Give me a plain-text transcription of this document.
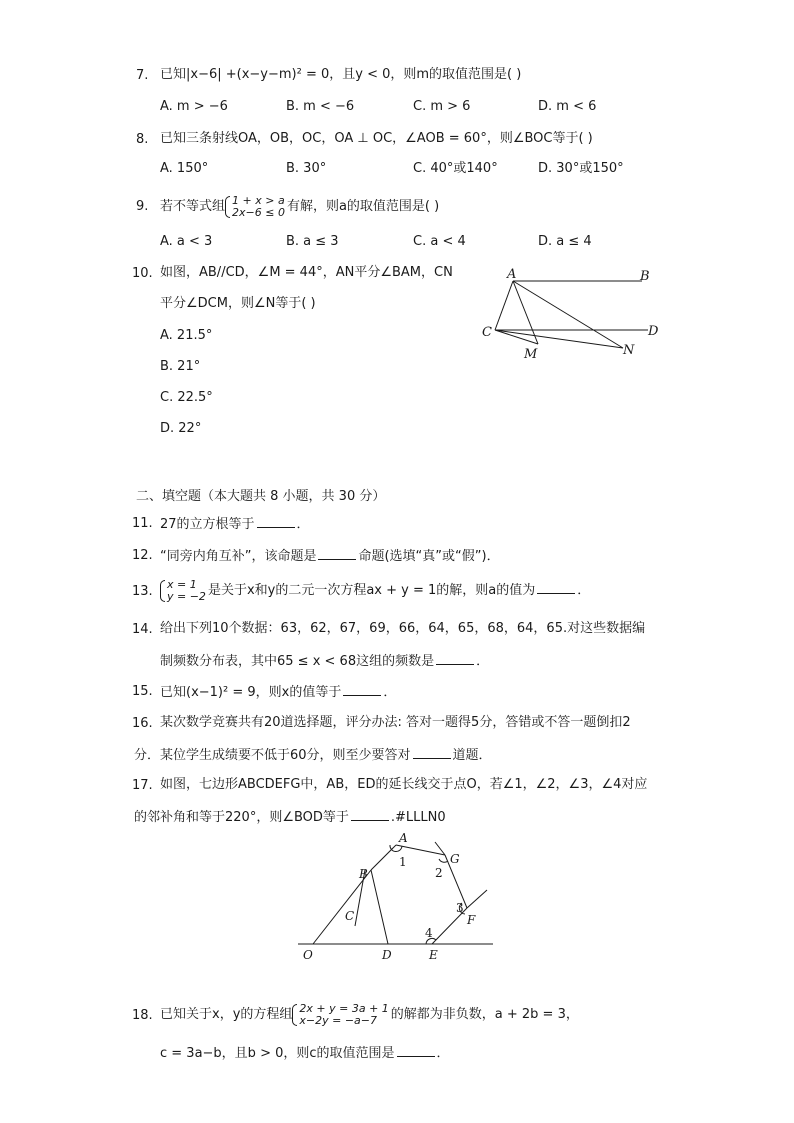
7. 已知|x−6| +(x−y−m)² = 0，且y < 0，则m的取值范围是( )
A. m > −6	B. m < −6	C. m > 6	D. m < 6
8. 已知三条射线OA，OB，OC，OA ⊥ OC，∠AOB = 60°，则∠BOC等于( )
A. 150°	B. 30°	C. 40°或140°	D. 30°或150°
9. 若不等式组 1 + x > a
2x−6 ≤ 0 有解，则a的取值范围是( )
A. a < 3	B. a ≤ 3	C. a < 4	D. a ≤ 4
10. 如图，AB//CD，∠M = 44°，AN平分∠BAM，CN
平分∠DCM，则∠N等于( )
A. 21.5°
B. 21°
C. 22.5°
D. 22°
A	B
C	D
M	N
二、填空题（本大题共 8 小题，共 30 分）
11. 27的立方根等于	．
12. “同旁内角互补”，该命题是	命题(选填“真”或“假”)．
13. x = 1
y = −2 是关于x和y的二元一次方程ax + y = 1的解，则a的值为	．
14. 给出下列10个数据：63，62，67，69，66，64，65，68，64，65.对这些数据编
制频数分布表，其中65 ≤ x < 68这组的频数是	．
15. 已知(x−1)² = 9，则x的值等于	．
16. 某次数学竞赛共有20道选择题，评分办法: 答对一题得5分，答错或不答一题倒扣2
分．某位学生成绩要不低于60分，则至少要答对	道题．
17. 如图，七边形ABCDEFG中，AB，ED的延长线交于点O，若∠1，∠2，∠3，∠4对应
的邻补角和等于220°，则∠BOD等于	.#LLLN0
A
B
C
D	E
F
G
O
1
2
3
4
18. 已知关于x，y的方程组 2x + y = 3a + 1
x−2y = −a−7	的解都为非负数，a + 2b = 3，
c = 3a−b，且b > 0，则c的取值范围是	．
